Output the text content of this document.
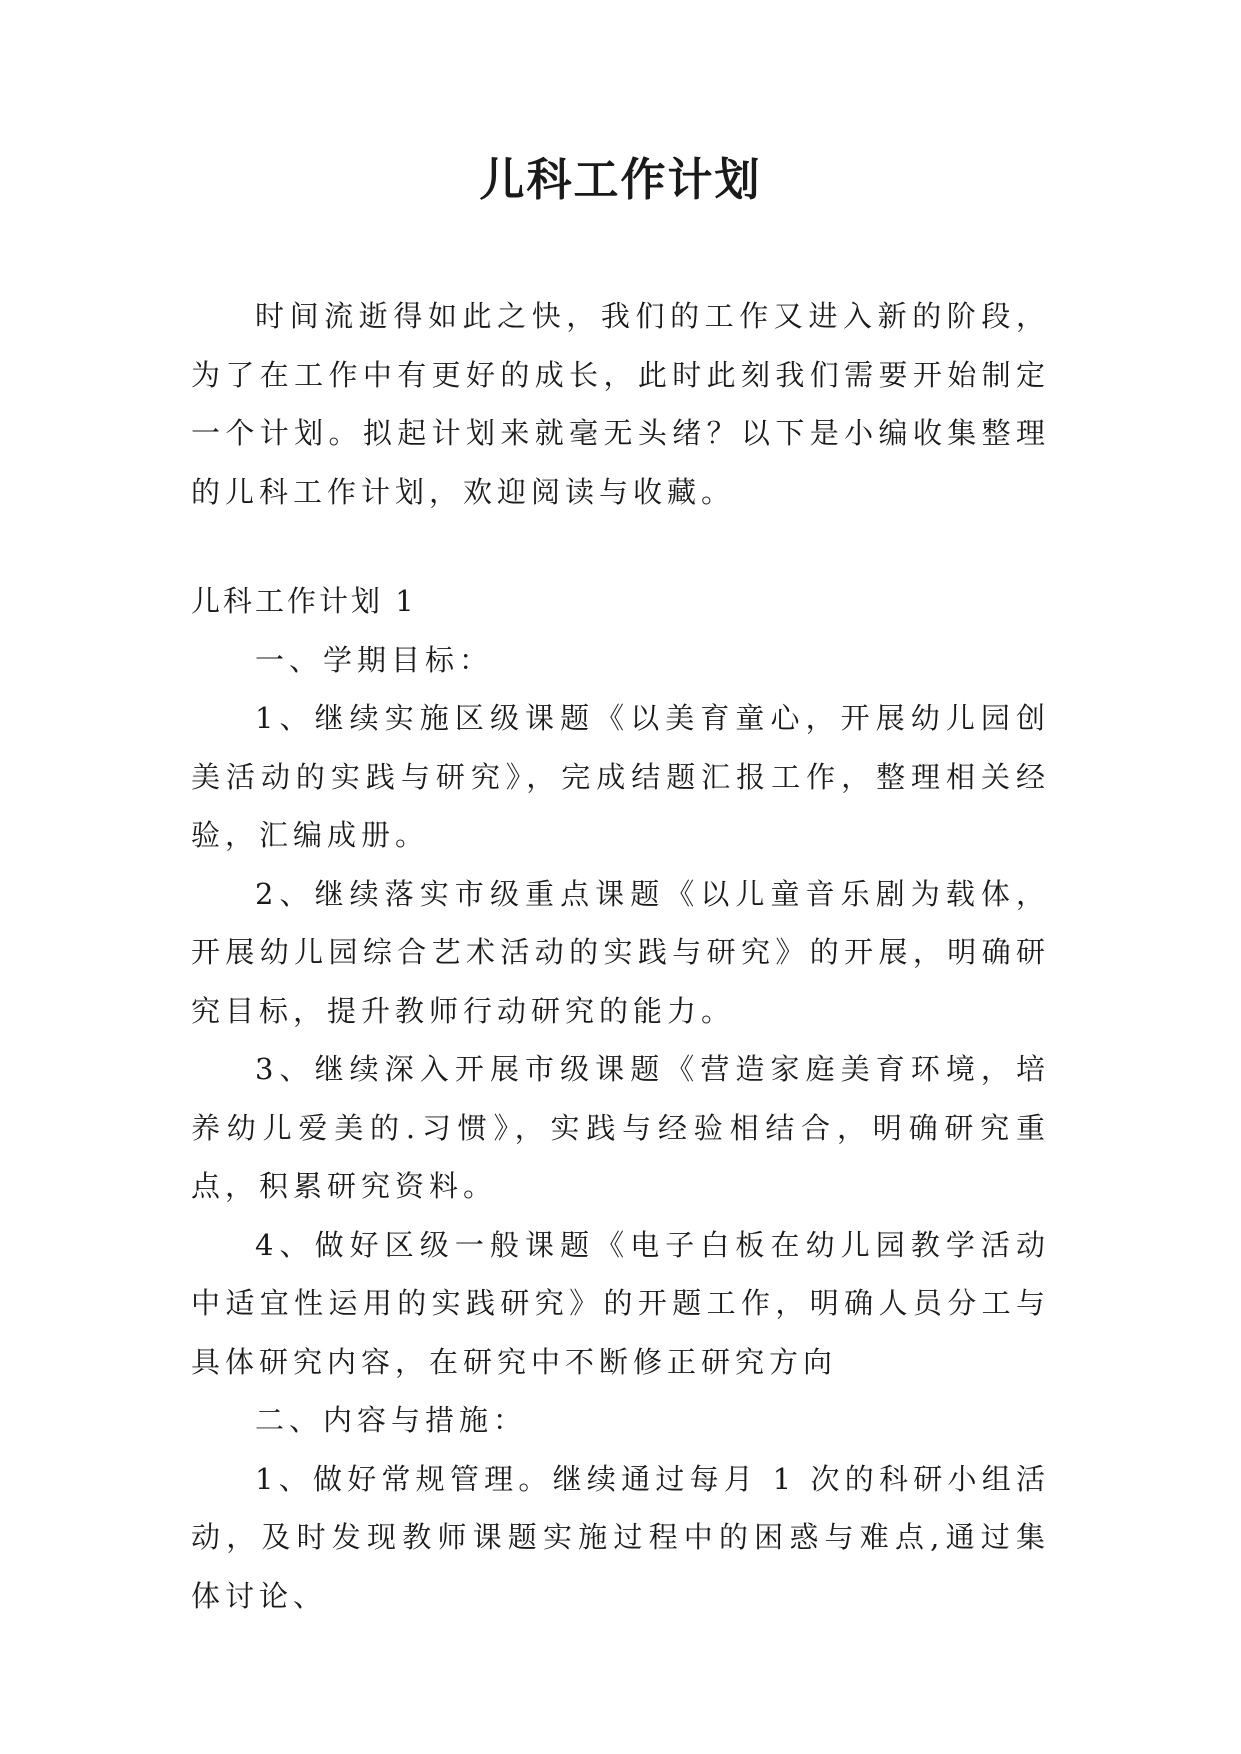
儿科工作计划

时间流逝得如此之快，我们的工作又进入新的阶段，为了在工作中有更好的成长，此时此刻我们需要开始制定一个计划。拟起计划来就毫无头绪？以下是小编收集整理的儿科工作计划，欢迎阅读与收藏。

儿科工作计划 1

一、学期目标：

1、继续实施区级课题《以美育童心，开展幼儿园创美活动的实践与研究》，完成结题汇报工作，整理相关经验，汇编成册。

2、继续落实市级重点课题《以儿童音乐剧为载体，开展幼儿园综合艺术活动的实践与研究》的开展，明确研究目标，提升教师行动研究的能力。

3、继续深入开展市级课题《营造家庭美育环境，培养幼儿爱美的.习惯》，实践与经验相结合，明确研究重点，积累研究资料。

4、做好区级一般课题《电子白板在幼儿园教学活动中适宜性运用的实践研究》的开题工作，明确人员分工与具体研究内容，在研究中不断修正研究方向

二、内容与措施：

1、做好常规管理。继续通过每月 1 次的科研小组活动，及时发现教师课题实施过程中的困惑与难点,通过集体讨论、
